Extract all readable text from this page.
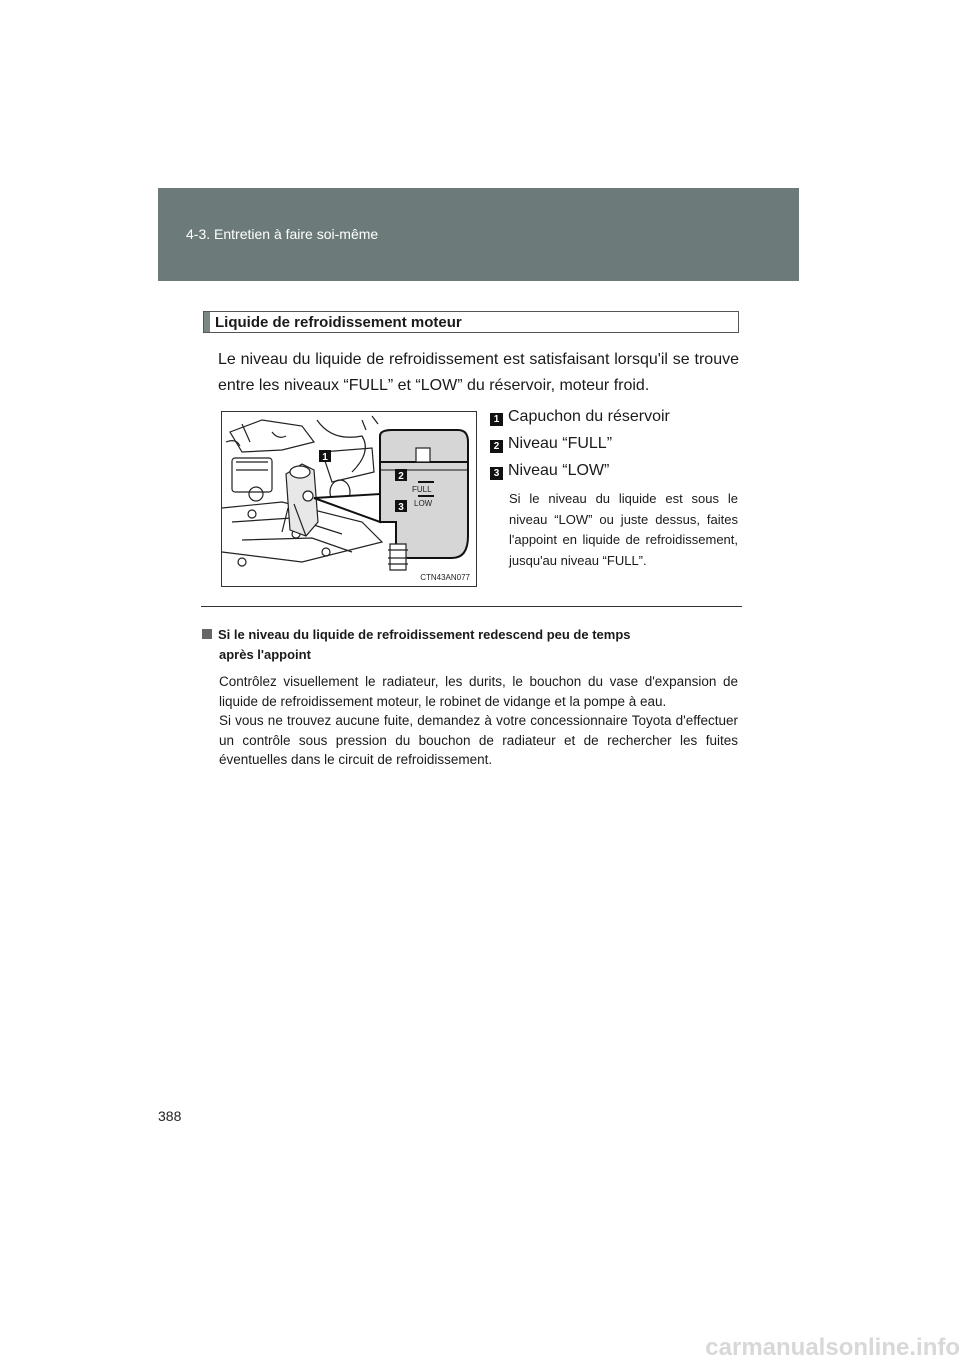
4-3. Entretien à faire soi-même
Liquide de refroidissement moteur
Le niveau du liquide de refroidissement est satisfaisant lorsqu'il se trouve entre les niveaux “FULL” et “LOW” du réservoir, moteur froid.
FULL
LOW
1
2
3
CTN43AN077
1 Capuchon du réservoir
2 Niveau “FULL”
3 Niveau “LOW”
Si le niveau du liquide est sous le niveau “LOW” ou juste dessus, faites l'appoint en liquide de refroidissement, jusqu'au niveau “FULL”.
Si le niveau du liquide de refroidissement redescend peu de temps
après l'appoint

Contrôlez visuellement le radiateur, les durits, le bouchon du vase d'expansion de liquide de refroidissement moteur, le robinet de vidange et la pompe à eau.

Si vous ne trouvez aucune fuite, demandez à votre concessionnaire Toyota d'effectuer un contrôle sous pression du bouchon de radiateur et de rechercher les fuites éventuelles dans le circuit de refroidissement.

388
carmanualsonline.info
